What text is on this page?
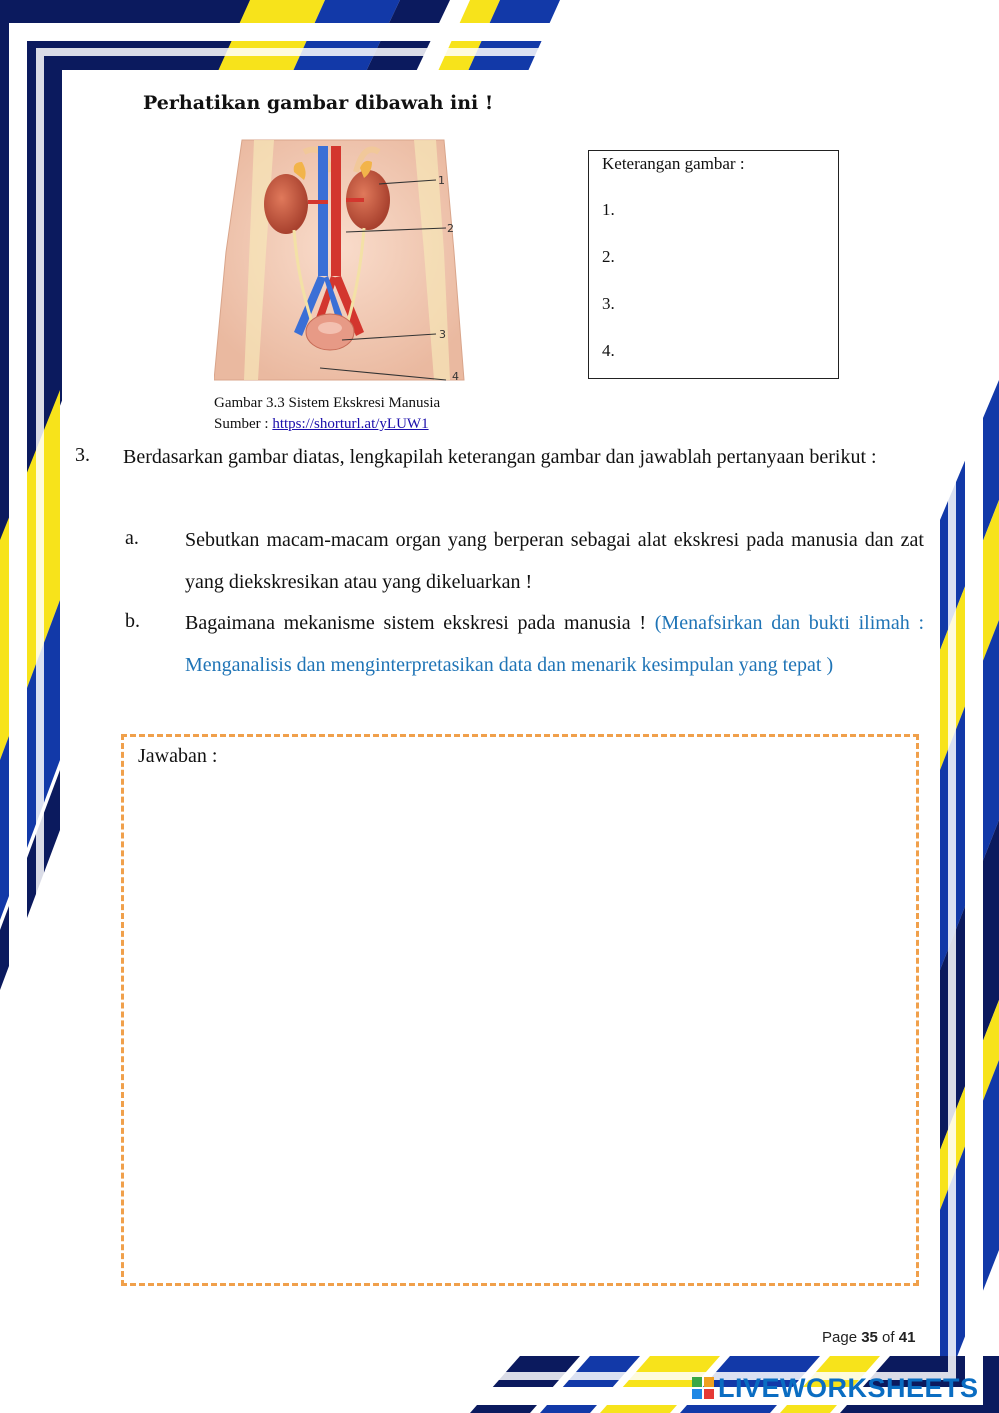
Perhatikan gambar dibawah ini !
1
2
3
4
Gambar 3.3 Sistem Ekskresi Manusia
Sumber : https://shorturl.at/yLUW1
Keterangan gambar :
1.
2.
3.
4.
3. Berdasarkan gambar diatas, lengkapilah keterangan gambar dan jawablah pertanyaan berikut :
a. Sebutkan macam-macam organ yang berperan sebagai alat ekskresi pada manusia dan zat yang diekskresikan atau yang dikeluarkan !
b. Bagaimana mekanisme sistem ekskresi pada manusia ! (Menafsirkan dan bukti ilimah : Menganalisis dan menginterpretasikan data dan menarik kesimpulan yang tepat )
Jawaban :
Page 35 of 41
LIVEWORKSHEETS
